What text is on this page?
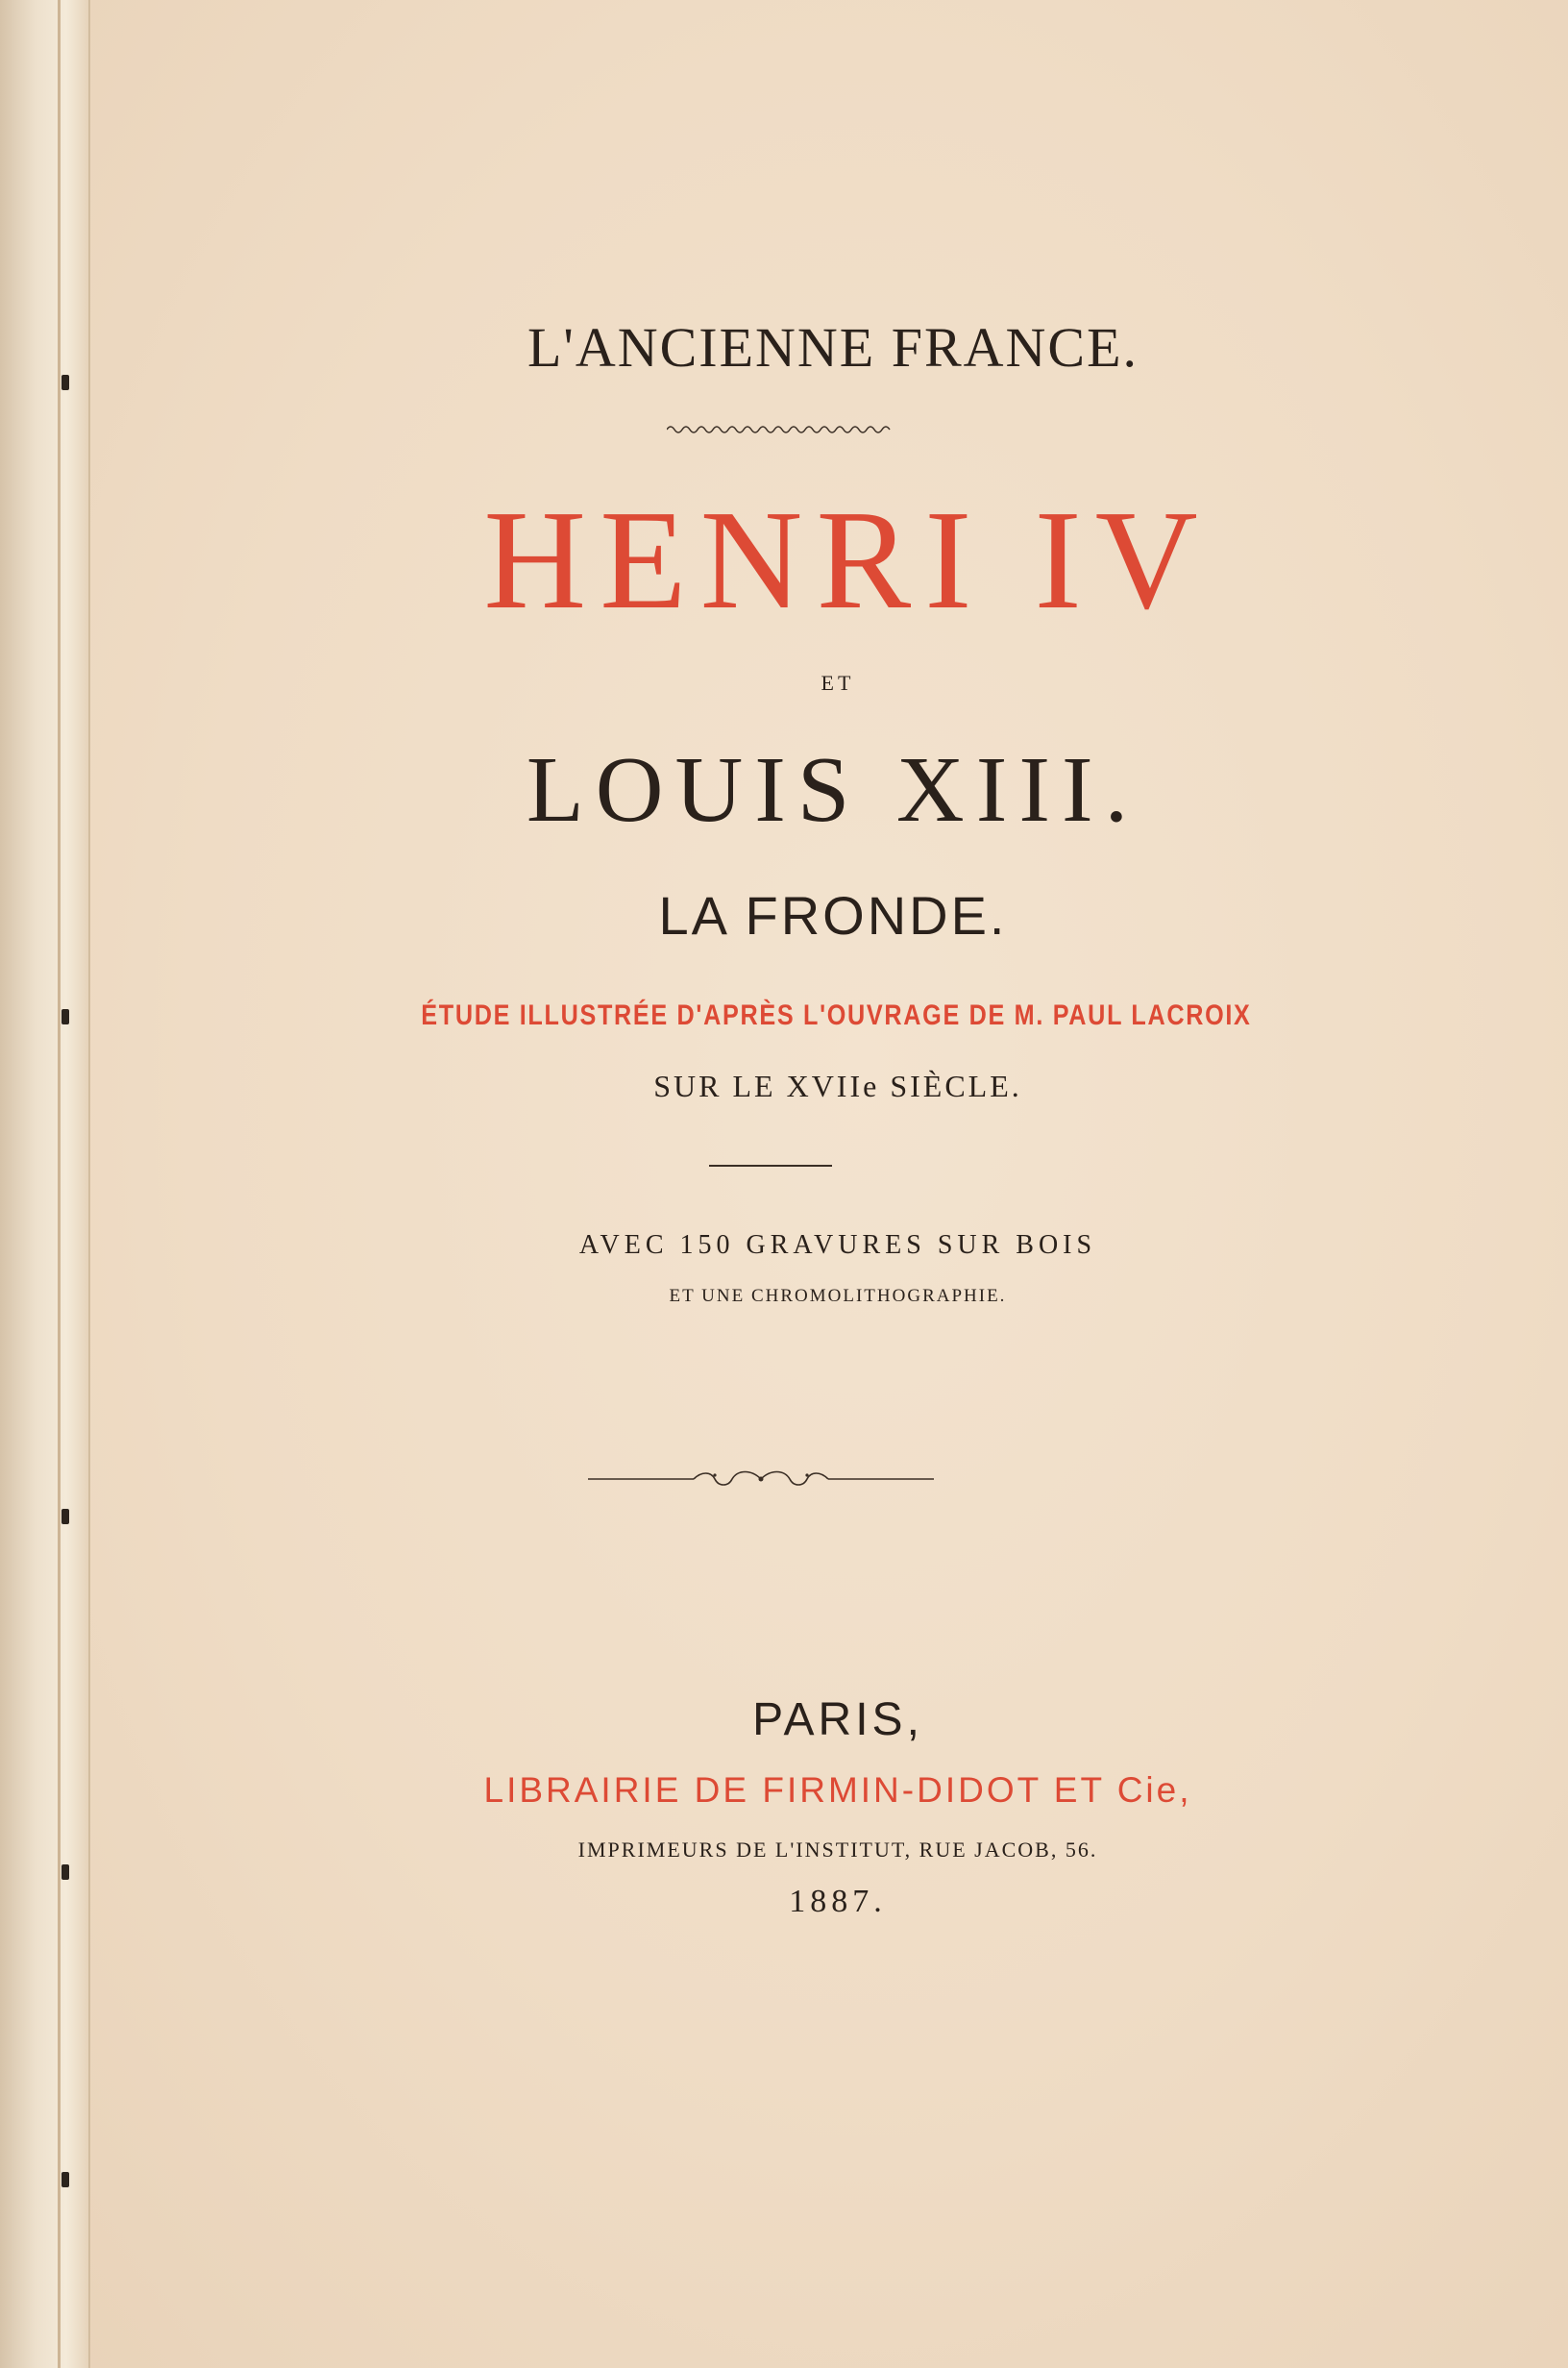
L'ANCIENNE FRANCE.
HENRI IV
ET
LOUIS XIII.
LA FRONDE.
ÉTUDE ILLUSTRÉE D'APRÈS L'OUVRAGE DE M. PAUL LACROIX
SUR LE XVIIe SIÈCLE.
AVEC 150 GRAVURES SUR BOIS
ET UNE CHROMOLITHOGRAPHIE.
PARIS,
LIBRAIRIE DE FIRMIN-DIDOT ET Cie,
IMPRIMEURS DE L'INSTITUT, RUE JACOB, 56.
1887.
